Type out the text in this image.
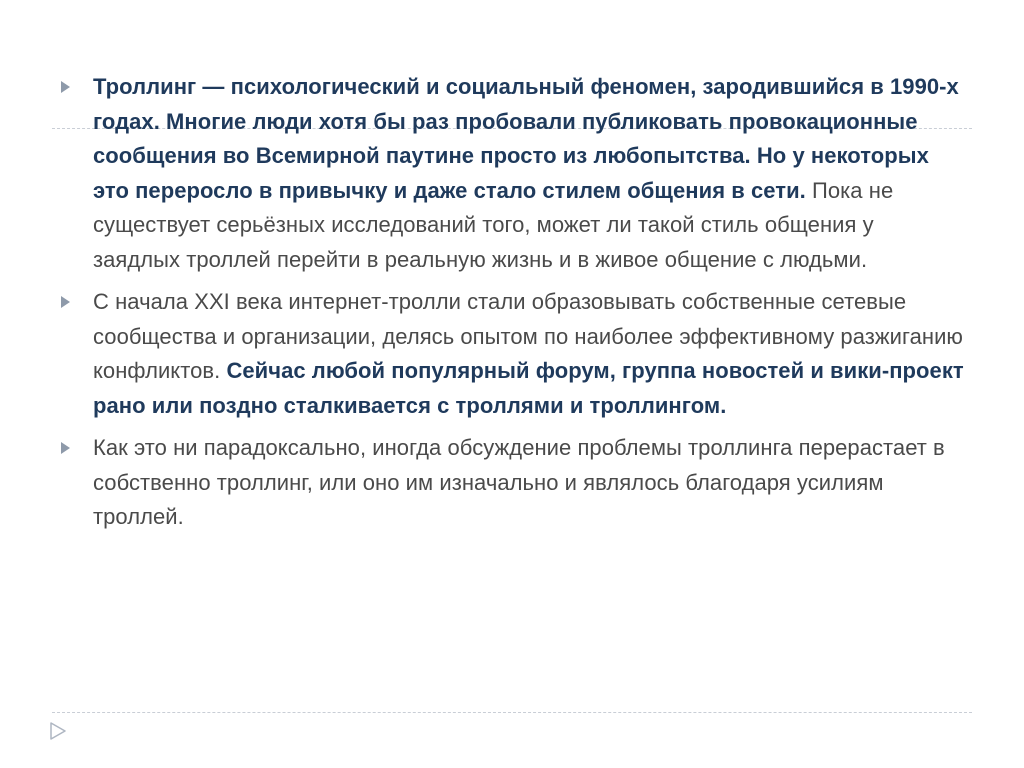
Троллинг — психологический и социальный феномен, зародившийся в 1990-х годах. Многие люди хотя бы раз пробовали публиковать провокационные сообщения во Всемирной паутине просто из любопытства. Но у некоторых это переросло в привычку и даже стало стилем общения в сети. Пока не существует серьёзных исследований того, может ли такой стиль общения у заядлых троллей перейти в реальную жизнь и в живое общение с людьми.
С начала XXI века интернет-тролли стали образовывать собственные сетевые сообщества и организации, делясь опытом по наиболее эффективному разжиганию конфликтов. Сейчас любой популярный форум, группа новостей и вики-проект рано или поздно сталкивается с троллями и троллингом.
Как это ни парадоксально, иногда обсуждение проблемы троллинга перерастает в собственно троллинг, или оно им изначально и являлось благодаря усилиям троллей.
